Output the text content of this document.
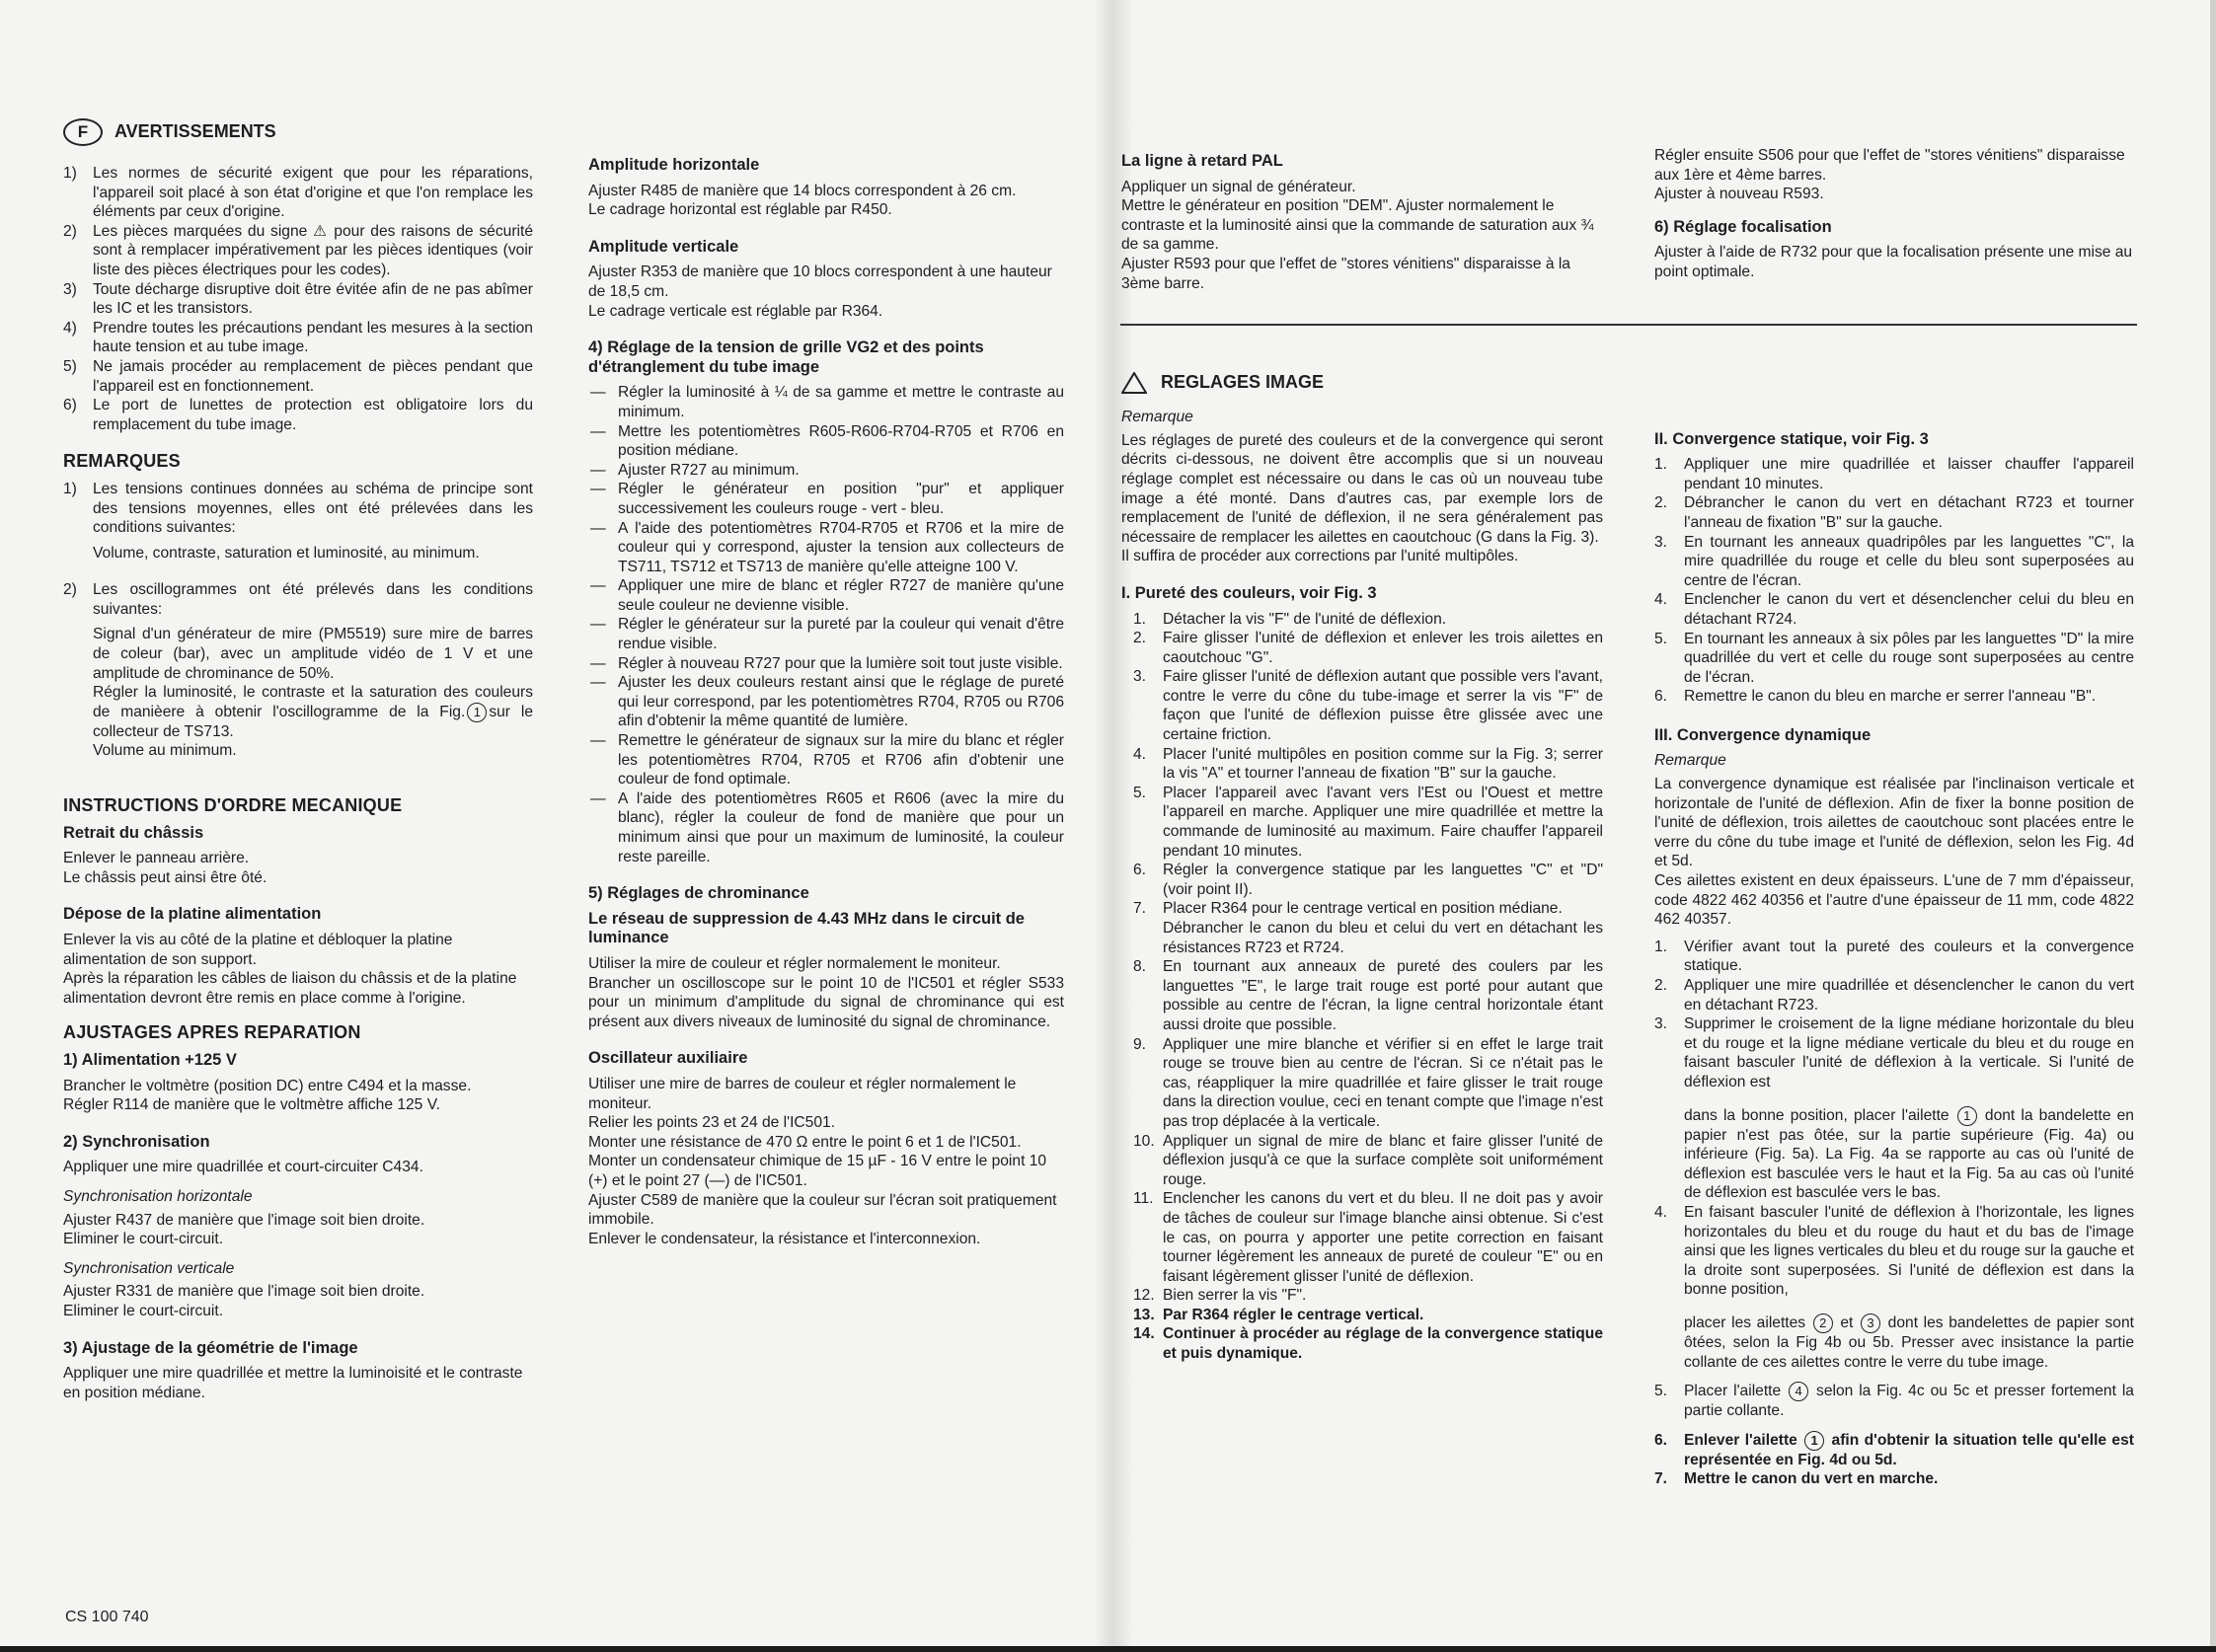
F AVERTISSEMENTS
1) Les normes de sécurité exigent que pour les réparations, l'appareil soit placé à son état d'origine et que l'on remplace les éléments par ceux d'origine.
2) Les pièces marquées du signe ⚠ pour des raisons de sécurité sont à remplacer impérativement par les pièces identiques (voir liste des pièces électriques pour les codes).
3) Toute décharge disruptive doit être évitée afin de ne pas abîmer les IC et les transistors.
4) Prendre toutes les précautions pendant les mesures à la section haute tension et au tube image.
5) Ne jamais procéder au remplacement de pièces pendant que l'appareil est en fonctionnement.
6) Le port de lunettes de protection est obligatoire lors du remplacement du tube image.
REMARQUES
1) Les tensions continues données au schéma de principe sont des tensions moyennes, elles ont été prélevées dans les conditions suivantes:
Volume, contraste, saturation et luminosité, au minimum.
2) Les oscillogrammes ont été prélevés dans les conditions suivantes:
Signal d'un générateur de mire (PM5519) sure mire de barres de coleur (bar), avec un amplitude vidéo de 1 V et une amplitude de chrominance de 50%.
Régler la luminosité, le contraste et la saturation des couleurs de manièere à obtenir l'oscillogramme de la Fig. 1 sur le collecteur de TS713.
Volume au minimum.
INSTRUCTIONS D'ORDRE MECANIQUE
Retrait du châssis

Enlever le panneau arrière.
Le châssis peut ainsi être ôté.

Dépose de la platine alimentation

Enlever la vis au côté de la platine et débloquer la platine alimentation de son support.
Après la réparation les câbles de liaison du châssis et de la platine alimentation devront être remis en place comme à l'origine.

AJUSTAGES APRES REPARATION
1) Alimentation +125 V

Brancher le voltmètre (position DC) entre C494 et la masse.
Régler R114 de manière que le voltmètre affiche 125 V.

2) Synchronisation

Appliquer une mire quadrillée et court-circuiter C434.

Synchronisation horizontale

Ajuster R437 de manière que l'image soit bien droite.
Eliminer le court-circuit.

Synchronisation verticale

Ajuster R331 de manière que l'image soit bien droite.
Eliminer le court-circuit.

3) Ajustage de la géométrie de l'image

Appliquer une mire quadrillée et mettre la luminoisité et le contraste en position médiane.

CS 100 740
Amplitude horizontale

Ajuster R485 de manière que 14 blocs correspondent à 26 cm.
Le cadrage horizontal est réglable par R450.

Amplitude verticale

Ajuster R353 de manière que 10 blocs correspondent à une hauteur de 18,5 cm.
Le cadrage verticale est réglable par R364.

4) Réglage de la tension de grille VG2 et des points d'étranglement du tube image
— Régler la luminosité à ¼ de sa gamme et mettre le contraste au minimum.
— Mettre les potentiomètres R605-R606-R704-R705 et R706 en position médiane.
— Ajuster R727 au minimum.
— Régler le générateur en position "pur" et appliquer successivement les couleurs rouge - vert - bleu.
— A l'aide des potentiomètres R704-R705 et R706 et la mire de couleur qui y correspond, ajuster la tension aux collecteurs de TS711, TS712 et TS713 de manière qu'elle atteigne 100 V.
— Appliquer une mire de blanc et régler R727 de manière qu'une seule couleur ne devienne visible.
— Régler le générateur sur la pureté par la couleur qui venait d'être rendue visible.
— Régler à nouveau R727 pour que la lumière soit tout juste visible.
— Ajuster les deux couleurs restant ainsi que le réglage de pureté qui leur correspond, par les potentiomètres R704, R705 ou R706 afin d'obtenir la même quantité de lumière.
— Remettre le générateur de signaux sur la mire du blanc et régler les potentiomètres R704, R705 et R706 afin d'obtenir une couleur de fond optimale.
— A l'aide des potentiomètres R605 et R606 (avec la mire du blanc), régler la couleur de fond de manière que pour un minimum ainsi que pour un maximum de luminosité, la couleur reste pareille.
5) Réglages de chrominance
Le réseau de suppression de 4.43 MHz dans le circuit de luminance

Utiliser la mire de couleur et régler normalement le moniteur.
Brancher un oscilloscope sur le point 10 de l'IC501 et régler S533 pour un minimum d'amplitude du signal de chrominance qui est présent aux divers niveaux de luminosité du signal de chrominance.

Oscillateur auxiliaire

Utiliser une mire de barres de couleur et régler normalement le moniteur.
Relier les points 23 et 24 de l'IC501.
Monter une résistance de 470 Ω entre le point 6 et 1 de l'IC501.
Monter un condensateur chimique de 15 µF - 16 V entre le point 10 (+) et le point 27 (—) de l'IC501.
Ajuster C589 de manière que la couleur sur l'écran soit pratiquement immobile.
Enlever le condensateur, la résistance et l'interconnexion.

La ligne à retard PAL

Appliquer un signal de générateur.
Mettre le générateur en position "DEM". Ajuster normalement le contraste et la luminosité ainsi que la commande de saturation aux ¾ de sa gamme.
Ajuster R593 pour que l'effet de "stores vénitiens" disparaisse à la 3ème barre.

REGLAGES IMAGE
Remarque

Les réglages de pureté des couleurs et de la convergence qui seront décrits ci-dessous, ne doivent être accomplis que si un nouveau réglage complet est nécessaire ou dans le cas où un nouveau tube image a été monté. Dans d'autres cas, par exemple lors de remplacement de l'unité de déflexion, il ne sera généralement pas nécessaire de remplacer les ailettes en caoutchouc (G dans la Fig. 3).
Il suffira de procéder aux corrections par l'unité multipôles.

I. Pureté des couleurs, voir Fig. 3
1. Détacher la vis "F" de l'unité de déflexion.
2. Faire glisser l'unité de déflexion et enlever les trois ailettes en caoutchouc "G".
3. Faire glisser l'unité de déflexion autant que possible vers l'avant, contre le verre du cône du tube-image et serrer la vis "F" de façon que l'unité de déflexion puisse être glissée avec une certaine friction.
4. Placer l'unité multipôles en position comme sur la Fig. 3; serrer la vis "A" et tourner l'anneau de fixation "B" sur la gauche.
5. Placer l'appareil avec l'avant vers l'Est ou l'Ouest et mettre l'appareil en marche. Appliquer une mire quadrillée et mettre la commande de luminosité au maximum. Faire chauffer l'appareil pendant 10 minutes.
6. Régler la convergence statique par les languettes "C" et "D" (voir point II).
7. Placer R364 pour le centrage vertical en position médiane.
Débrancher le canon du bleu et celui du vert en détachant les résistances R723 et R724.
8. En tournant aux anneaux de pureté des coulers par les languettes "E", le large trait rouge est porté pour autant que possible au centre de l'écran, la ligne central horizontale étant aussi droite que possible.
9. Appliquer une mire blanche et vérifier si en effet le large trait rouge se trouve bien au centre de l'écran. Si ce n'était pas le cas, réappliquer la mire quadrillée et faire glisser le trait rouge dans la direction voulue, ceci en tenant compte que l'image n'est pas trop déplacée à la verticale.
10. Appliquer un signal de mire de blanc et faire glisser l'unité de déflexion jusqu'à ce que la surface complète soit uniformément rouge.
11. Enclencher les canons du vert et du bleu. Il ne doit pas y avoir de tâches de couleur sur l'image blanche ainsi obtenue. Si c'est le cas, on pourra y apporter une petite correction en faisant tourner légèrement les anneaux de pureté de couleur "E" ou en faisant légèrement glisser l'unité de déflexion.
12. Bien serrer la vis "F".
13. Par R364 régler le centrage vertical.
14. Continuer à procéder au réglage de la convergence statique et puis dynamique.

Régler ensuite S506 pour que l'effet de "stores vénitiens" disparaisse aux 1ère et 4ème barres.
Ajuster à nouveau R593.

6) Réglage focalisation

Ajuster à l'aide de R732 pour que la focalisation présente une mise au point optimale.

II. Convergence statique, voir Fig. 3
1. Appliquer une mire quadrillée et laisser chauffer l'appareil pendant 10 minutes.
2. Débrancher le canon du vert en détachant R723 et tourner l'anneau de fixation "B" sur la gauche.
3. En tournant les anneaux quadripôles par les languettes "C", la mire quadrillée du rouge et celle du bleu sont superposées au centre de l'écran.
4. Enclencher le canon du vert et désenclencher celui du bleu en détachant R724.
5. En tournant les anneaux à six pôles par les languettes "D" la mire quadrillée du vert et celle du rouge sont superposées au centre de l'écran.
6. Remettre le canon du bleu en marche er serrer l'anneau "B".
III. Convergence dynamique
Remarque

La convergence dynamique est réalisée par l'inclinaison verticale et horizontale de l'unité de déflexion. Afin de fixer la bonne position de l'unité de déflexion, trois ailettes de caoutchouc sont placées entre le verre du cône du tube image et l'unité de déflexion, selon les Fig. 4d et 5d.
Ces ailettes existent en deux épaisseurs. L'une de 7 mm d'épaisseur, code 4822 462 40356 et l'autre d'une épaisseur de 11 mm, code 4822 462 40357.

1. Vérifier avant tout la pureté des couleurs et la convergence statique.
2. Appliquer une mire quadrillée et désenclencher le canon du vert en détachant R723.
3. Supprimer le croisement de la ligne médiane horizontale du bleu et du rouge et la ligne médiane verticale du bleu et du rouge en faisant basculer l'unité de déflexion à la verticale. Si l'unité de déflexion est
dans la bonne position, placer l'ailette 1 dont la bandelette en papier n'est pas ôtée, sur la partie supérieure (Fig. 4a) ou inférieure (Fig. 5a). La Fig. 4a se rapporte au cas où l'unité de déflexion est basculée vers le haut et la Fig. 5a au cas où l'unité de déflexion est basculée vers le bas.
4. En faisant basculer l'unité de déflexion à l'horizontale, les lignes horizontales du bleu et du rouge du haut et du bas de l'image ainsi que les lignes verticales du bleu et du rouge sur la gauche et la droite sont superposées. Si l'unité de déflexion est dans la bonne position,
placer les ailettes 2 et 3 dont les bandelettes de papier sont ôtées, selon la Fig 4b ou 5b. Presser avec insistance la partie collante de ces ailettes contre le verre du tube image.
5. Placer l'ailette 4 selon la Fig. 4c ou 5c et presser fortement la partie collante.
6. Enlever l'ailette 1 afin d'obtenir la situation telle qu'elle est représentée en Fig. 4d ou 5d.
7. Mettre le canon du vert en marche.
